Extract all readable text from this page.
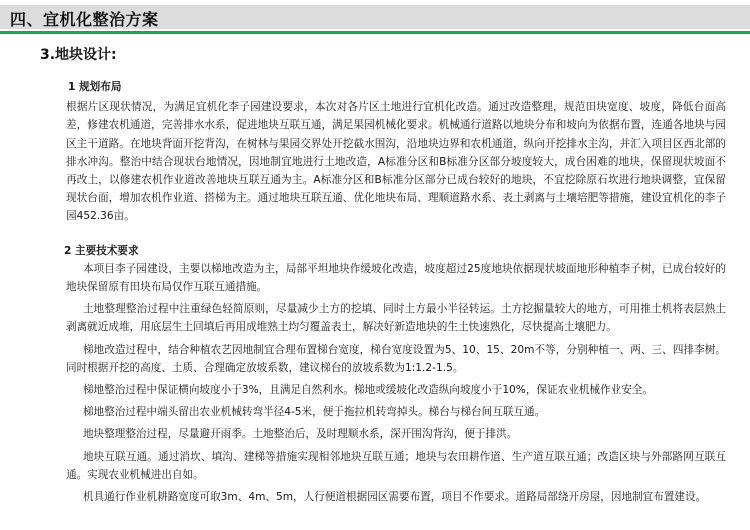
四、宜机化整治方案
3.地块设计:
1 规划布局
根据片区现状情况，为满足宜机化李子园建设要求，本次对各片区土地进行宜机化改造。通过改造整理，规范田块宽度、坡度，降低台面高差，修建农机通道，完善排水水系，促进地块互联互通，满足果园机械化要求。机械通行道路以地块分布和坡向为依据布置，连通各地块与园区主干道路。在地块背面开挖背沟，在树林与果园交界处开挖截水围沟，沿地块边界和农机通道，纵向开挖排水主沟，并汇入项目区西北部的排水冲沟。整治中结合现状台地情况，因地制宜地进行土地改造，A标准分区和B标准分区部分坡度较大，成台困难的地块，保留现状坡面不再改土，以修建农机作业道改善地块互联互通为主。A标准分区和B标准分区部分已成台较好的地块，不宜挖除原石坎进行地块调整，宜保留现状台面，增加农机作业道、搭梯为主。通过地块互联互通、优化地块布局、理顺道路水系、表土剥离与土壤培肥等措施，建设宜机化的李子园452.36亩。
2 主要技术要求
本项目李子园建设，主要以梯地改造为主，局部平坦地块作缓坡化改造，坡度超过25度地块依据现状坡面地形种植李子树，已成台较好的地块保留原有田块布局仅作互联互通措施。
土地整理整治过程中注重绿色轻简原则，尽量减少土方的挖填、同时土方最小半径转运。土方挖掘量较大的地方，可用推土机将表层熟土剥离就近成堆，用底层生土回填后再用成堆熟土均匀覆盖表土，解决好新造地块的生土快速熟化，尽快提高土壤肥力。
梯地改造过程中，结合种植农艺因地制宜合理布置梯台宽度，梯台宽度设置为5、10、15、20m不等，分别种植一、两、三、四排李树。同时根据开挖的高度、土质、合理确定放坡系数，建议梯台的放坡系数为1:1.2-1.5。
梯地整治过程中保证横向坡度小于3%，且满足自然利水。梯地或缓坡化改造纵向坡度小于10%，保证农业机械作业安全。
梯地整治过程中端头留出农业机械转弯半径4-5米，便于拖拉机转弯掉头。梯台与梯台间互联互通。
地块整理整治过程，尽量避开雨季。土地整治后，及时理顺水系，深开围沟背沟，便于排洪。
地块互联互通。通过消坎、填沟、建梯等措施实现相邻地块互联互通；地块与农田耕作道、生产道互联互通；改造区块与外部路网互联互通。实现农业机械进出自如。
机具通行作业机耕路宽度可取3m、4m、5m，人行便道根据园区需要布置，项目不作要求。道路局部绕开房屋，因地制宜布置建设。
